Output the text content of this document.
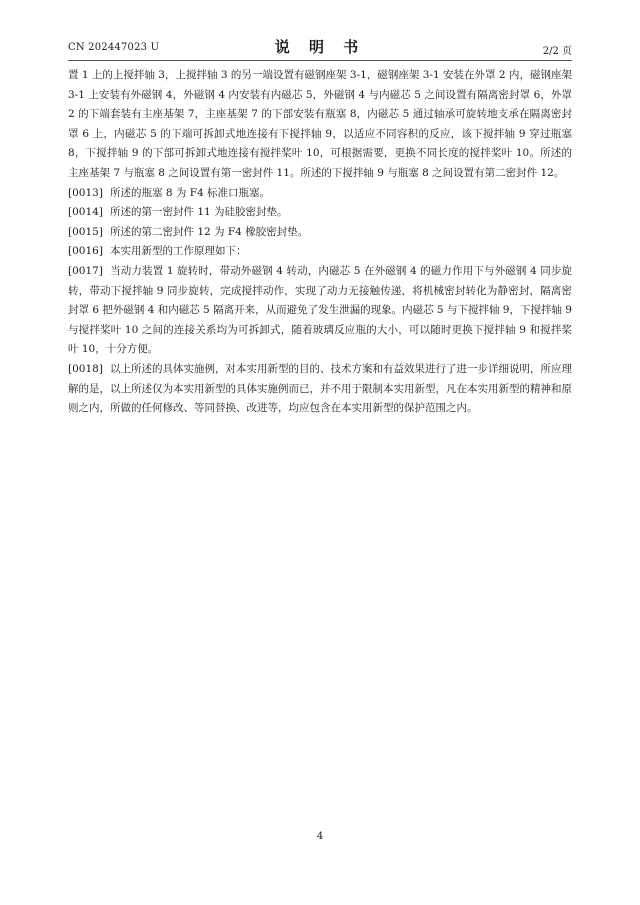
CN 202447023 U	说 明 书	2/2 页

置 1 上的上搅拌轴 3，上搅拌轴 3 的另一端设置有磁钢座架 3-1，磁钢座架 3-1 安装在外罩 2 内，磁钢座架 3-1 上安装有外磁钢 4，外磁钢 4 内安装有内磁芯 5，外磁钢 4 与内磁芯 5 之间设置有隔离密封罩 6，外罩 2 的下端套装有主座基架 7，主座基架 7 的下部安装有瓶塞 8，内磁芯 5 通过轴承可旋转地支承在隔离密封罩 6 上，内磁芯 5 的下端可拆卸式地连接有下搅拌轴 9，以适应不同容积的反应，该下搅拌轴 9 穿过瓶塞 8，下搅拌轴 9 的下部可拆卸式地连接有搅拌桨叶 10，可根据需要，更换不同长度的搅拌桨叶 10。所述的主座基架 7 与瓶塞 8 之间设置有第一密封件 11。所述的下搅拌轴 9 与瓶塞 8 之间设置有第二密封件 12。

[0013] 所述的瓶塞 8 为 F4 标准口瓶塞。

[0014] 所述的第一密封件 11 为硅胶密封垫。

[0015] 所述的第二密封件 12 为 F4 橡胶密封垫。

[0016] 本实用新型的工作原理如下：

[0017] 当动力装置 1 旋转时，带动外磁钢 4 转动，内磁芯 5 在外磁钢 4 的磁力作用下与外磁钢 4 同步旋转，带动下搅拌轴 9 同步旋转，完成搅拌动作，实现了动力无接触传递，将机械密封转化为静密封，隔离密封罩 6 把外磁钢 4 和内磁芯 5 隔离开来，从而避免了发生泄漏的现象。内磁芯 5 与下搅拌轴 9，下搅拌轴 9 与搅拌桨叶 10 之间的连接关系均为可拆卸式，随着玻璃反应瓶的大小，可以随时更换下搅拌轴 9 和搅拌桨叶 10，十分方便。

[0018] 以上所述的具体实施例，对本实用新型的目的、技术方案和有益效果进行了进一步详细说明，所应理解的是，以上所述仅为本实用新型的具体实施例而已，并不用于限制本实用新型，凡在本实用新型的精神和原则之内，所做的任何修改、等同替换、改进等，均应包含在本实用新型的保护范围之内。

4
